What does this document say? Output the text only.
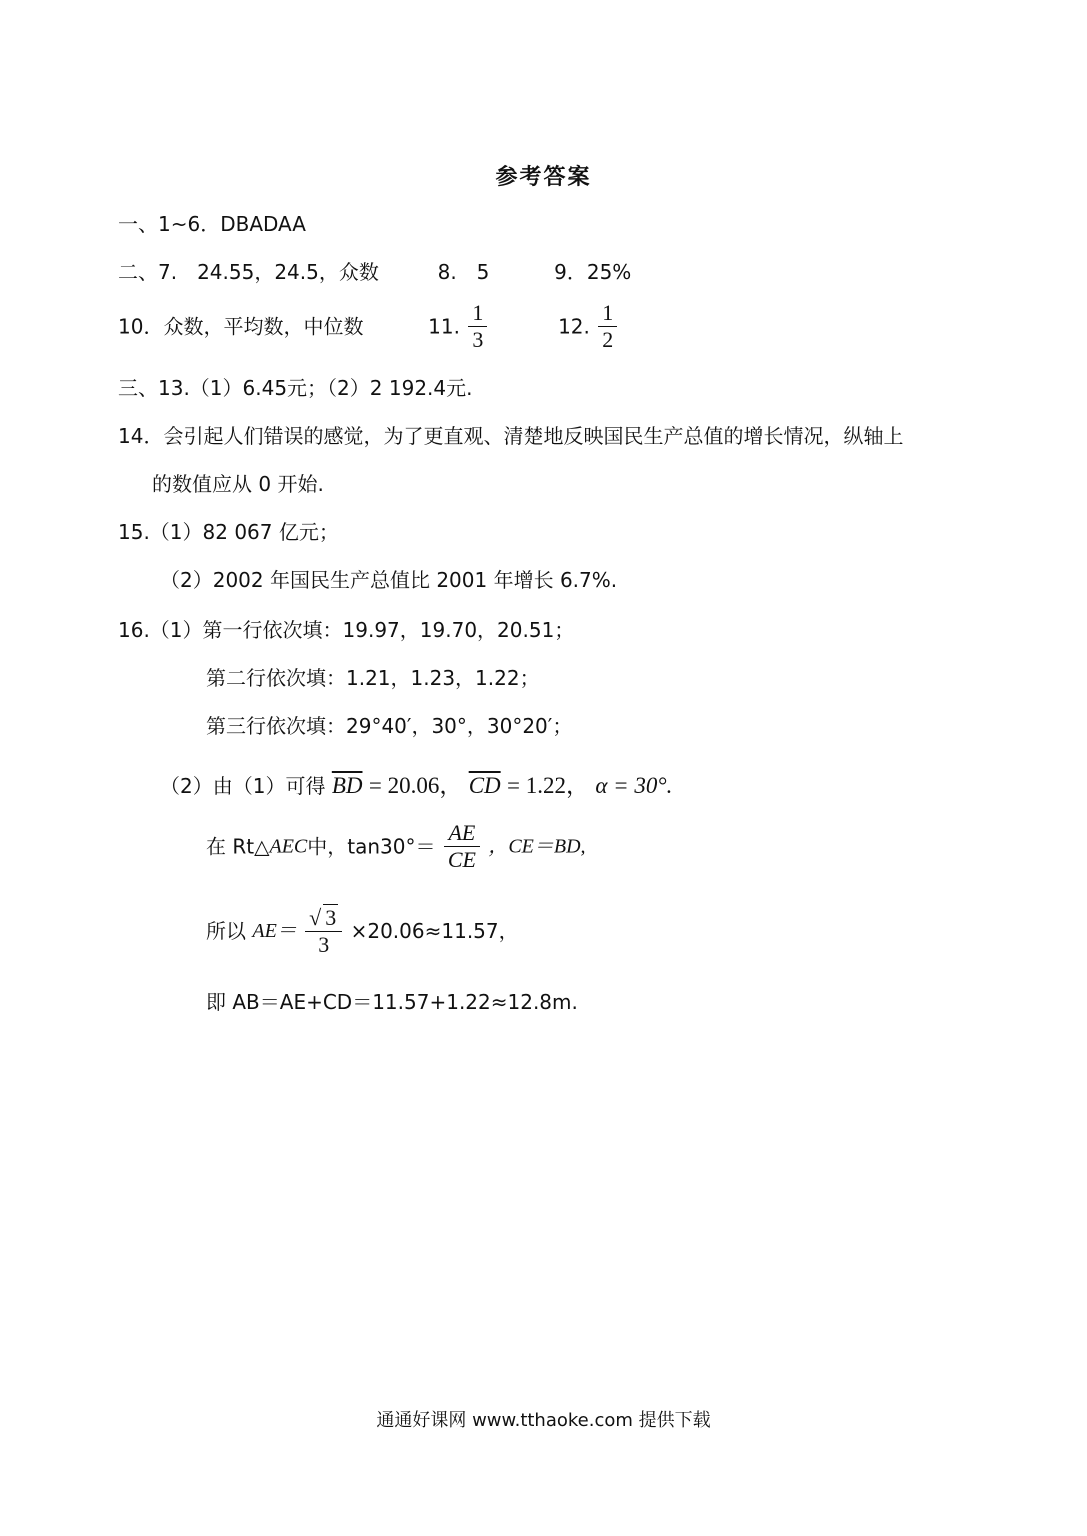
参考答案
一、1~6．DBADAA
二、7.　24.55，24.5，众数	8.　5	9．25%
10．众数，平均数，中位数	11. $\frac{1}{3}$	12. $\frac{1}{2}$
三、13.（1）6.45元；（2）2 192.4元.
14．会引起人们错误的感觉，为了更直观、清楚地反映国民生产总值的增长情况，纵轴上
的数值应从 0 开始.
15.（1）82 067 亿元；
（2）2002 年国民生产总值比 2001 年增长 6.7%.
16.（1）第一行依次填：19.97，19.70，20.51；
第二行依次填：1.21，1.23，1.22；
第三行依次填：29°40′，30°，30°20′；
（2）由（1）可得 $\overline{BD} = 20.06$， $\overline{CD} = 1.22$， α = 30°.
在 Rt△AEC中，$\tan 30^\circ= \frac{AE}{CE}$ ，CE＝BD,
所以 $AE= \frac{√ 3}{3} \times 20.06\approx 11.57$，
即 AB＝AE+CD＝11.57+1.22≈12.8m.
通通好课网 www.tthaoke.com 提供下载
